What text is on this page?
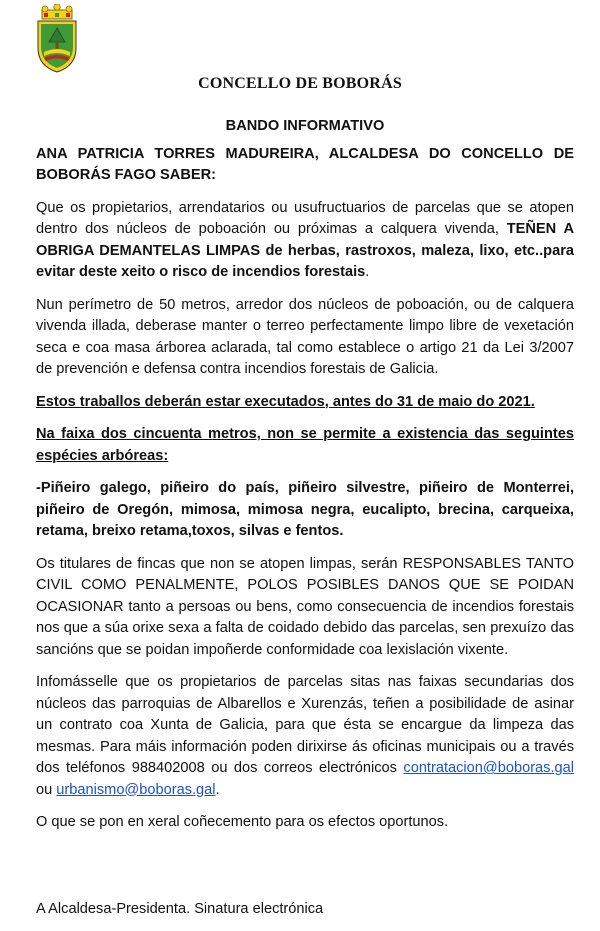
CONCELLO DE BOBORÁS
BANDO INFORMATIVO

ANA PATRICIA TORRES MADUREIRA, ALCALDESA DO CONCELLO DE BOBORÁS FAGO SABER:

Que os propietarios, arrendatarios ou usufructuarios de parcelas que se atopen dentro dos núcleos de poboación ou próximas a calquera vivenda, TEÑEN A OBRIGA DEMANTELAS LIMPAS de herbas, rastroxos, maleza, lixo, etc..para evitar deste xeito o risco de incendios forestais.

Nun perímetro de 50 metros, arredor dos núcleos de poboación, ou de calquera vivenda illada, deberase manter o terreo perfectamente limpo libre de vexetación seca e coa masa árborea aclarada, tal como establece o artigo 21 da Lei 3/2007 de prevención e defensa contra incendios forestais de Galicia.

Estos traballos deberán estar executados, antes do 31 de maio do 2021.

Na faixa dos cincuenta metros, non se permite a existencia das seguintes espécies arbóreas:

-Piñeiro galego, piñeiro do país, piñeiro silvestre, piñeiro de Monterrei, piñeiro de Oregón, mimosa, mimosa negra, eucalipto, brecina, carqueixa, retama, breixo retama,toxos, silvas e fentos.

Os titulares de fincas que non se atopen limpas, serán RESPONSABLES TANTO CIVIL COMO PENALMENTE, POLOS POSIBLES DANOS QUE SE POIDAN OCASIONAR tanto a persoas ou bens, como consecuencia de incendios forestais nos que a súa orixe sexa a falta de coidado debido das parcelas, sen prexuízo das sancións que se poidan impoñerde conformidade coa lexislación vixente.

Infomásselle que os propietarios de parcelas sitas nas faixas secundarias dos núcleos das parroquias de Albarellos e Xurenzás, teñen a posibilidade de asinar un contrato coa Xunta de Galicia, para que ésta se encargue da limpeza das mesmas. Para máis información poden dirixirse ás oficinas municipais ou a través dos teléfonos 988402008 ou dos correos electrónicos contratacion@boboras.gal ou urbanismo@boboras.gal.

O que se pon en xeral coñecemento para os efectos oportunos.

A Alcaldesa-Presidenta. Sinatura electrónica
